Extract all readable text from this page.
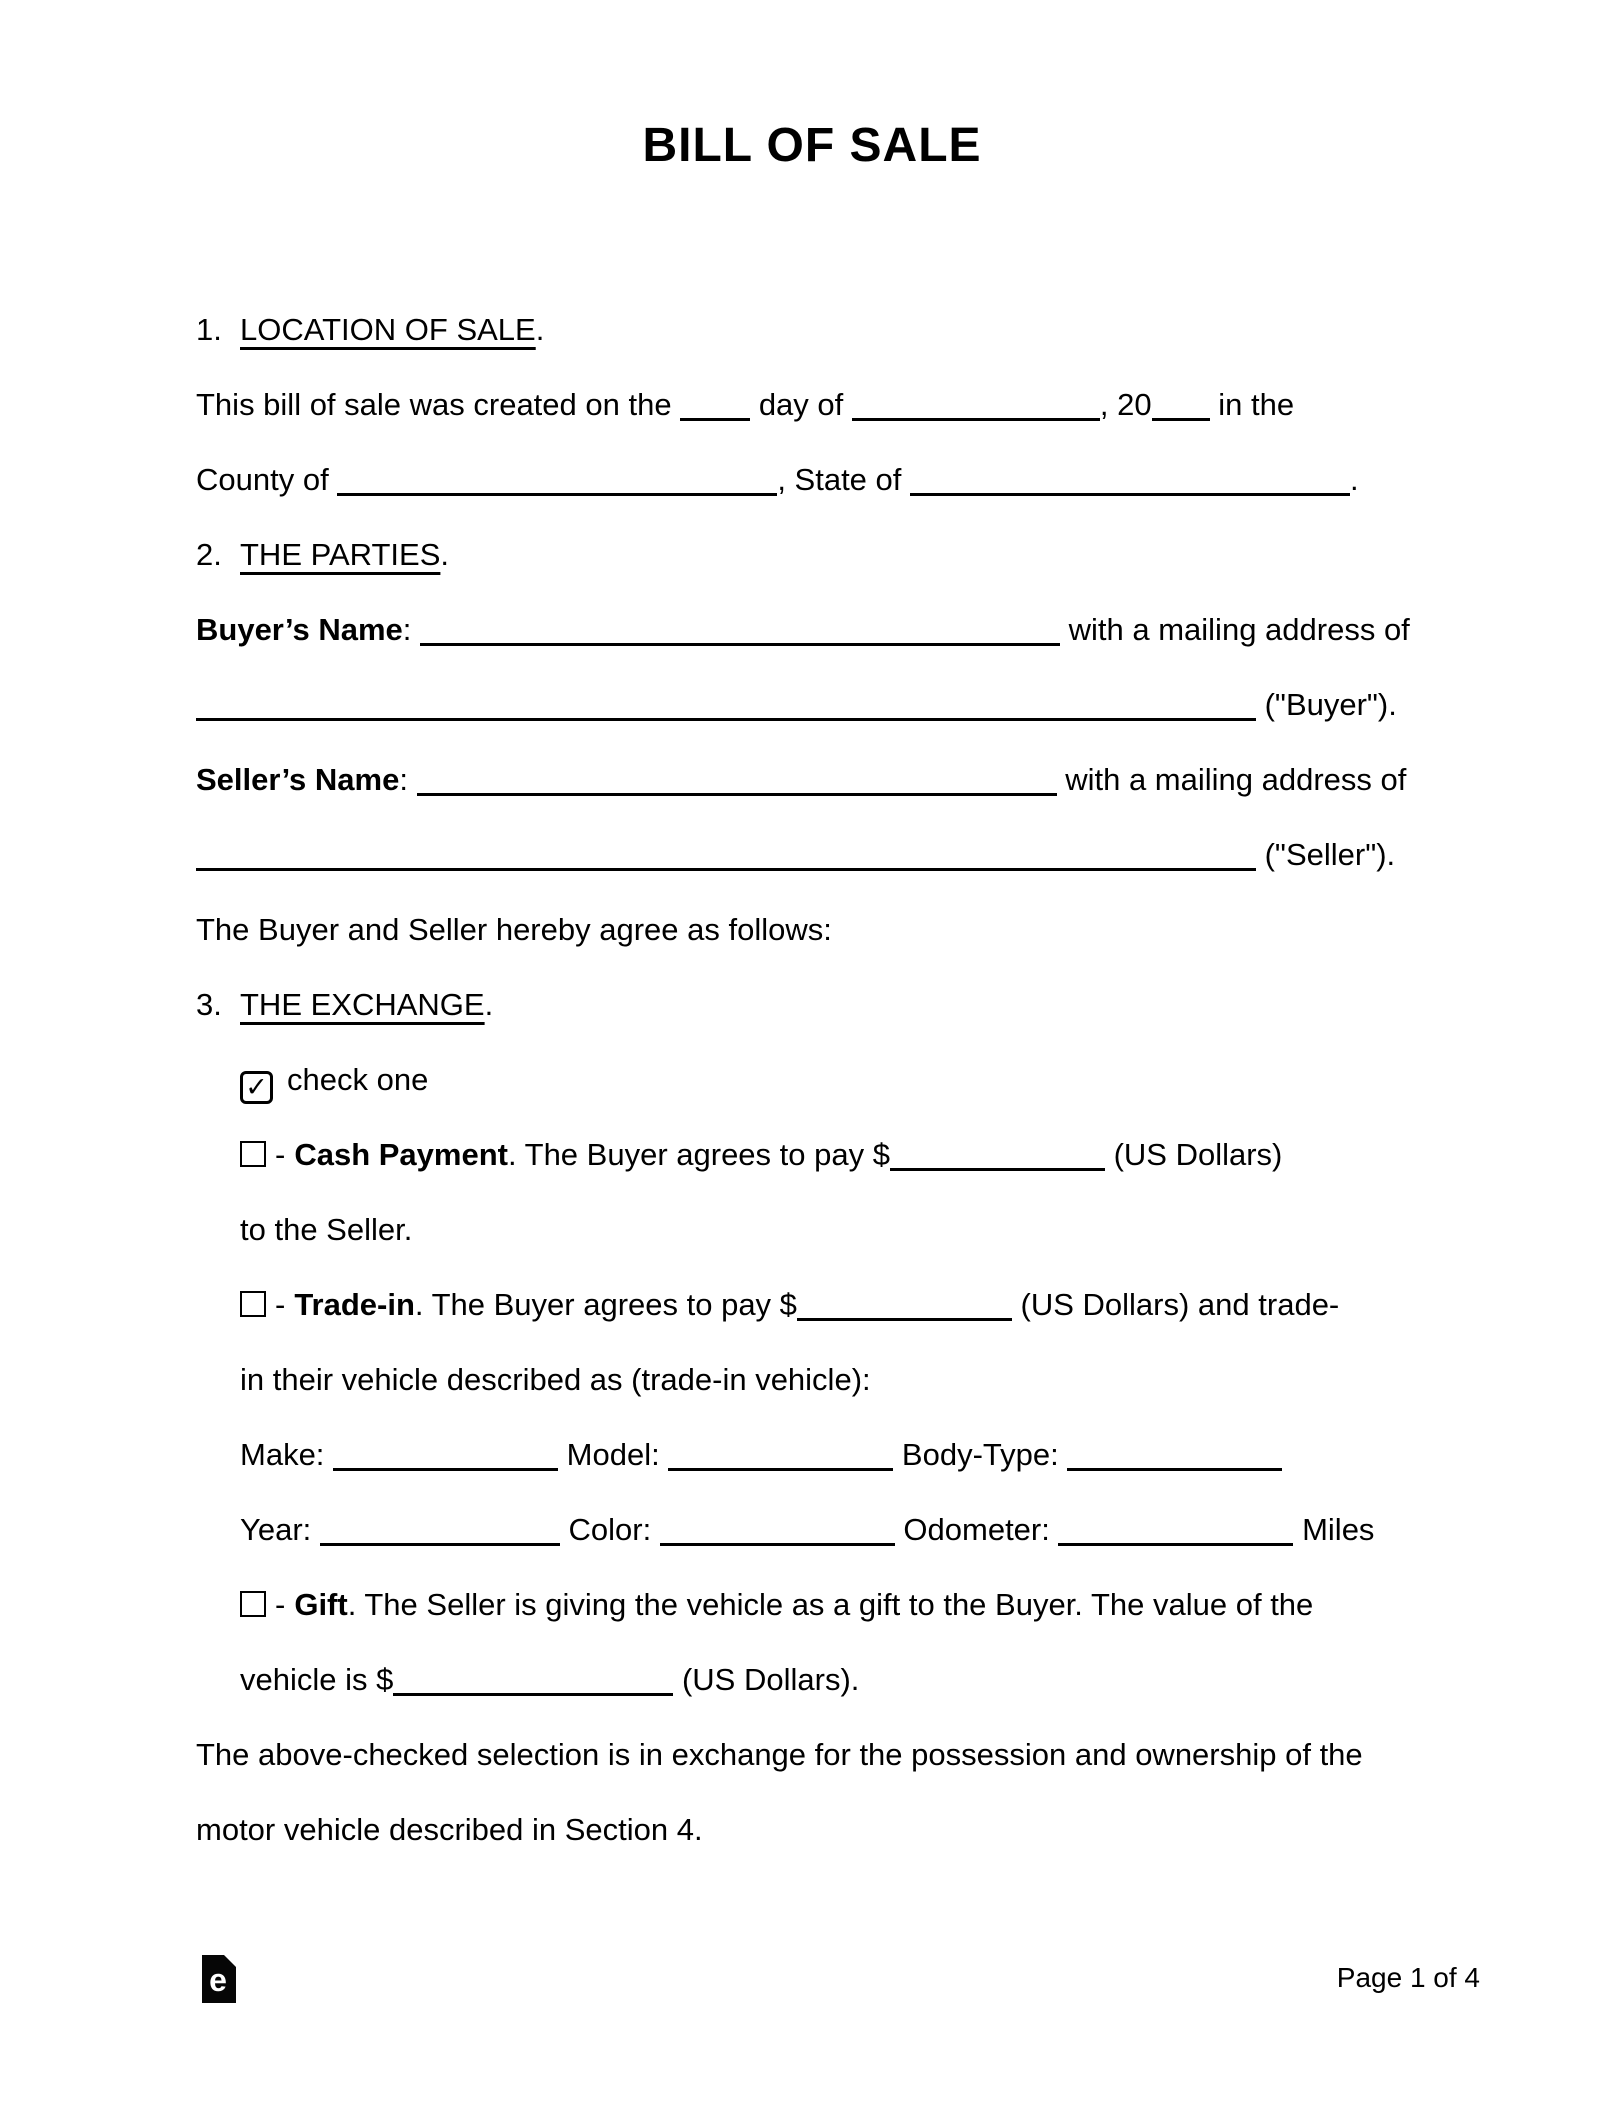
BILL OF SALE
1. LOCATION OF SALE.
This bill of sale was created on the  day of	, 20 in the
County of	, State of	.
2. THE PARTIES.
Buyer’s Name:	with a mailing address of
("Buyer").
Seller’s Name:	with a mailing address of
("Seller").
The Buyer and Seller hereby agree as follows:
3. THE EXCHANGE.
✓ check one
- Cash Payment. The Buyer agrees to pay $	(US Dollars)
to the Seller.
- Trade-in. The Buyer agrees to pay $	(US Dollars) and trade-
in their vehicle described as (trade-in vehicle):
Make:	Model:	Body-Type:
Year:	Color:	Odometer:	Miles
- Gift. The Seller is giving the vehicle as a gift to the Buyer. The value of the
vehicle is $	(US Dollars).
The above-checked selection is in exchange for the possession and ownership of the
motor vehicle described in Section 4.
e	Page 1 of 4
